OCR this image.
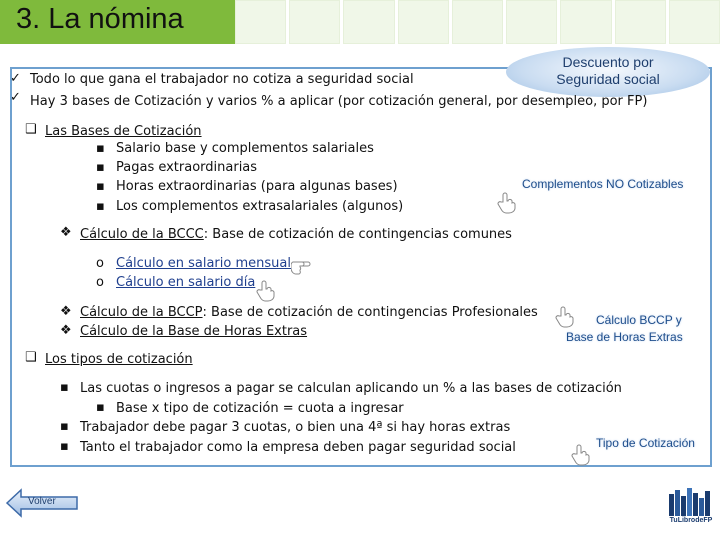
3. La nómina
Descuento por
Seguridad social
✓ Todo lo que gana el trabajador no cotiza a seguridad social
✓ Hay 3 bases de Cotización y varios % a aplicar (por cotización general, por desempleo, por FP)
❑ Las Bases de Cotización
▪ Salario base y complementos salariales
▪ Pagas extraordinarias
▪ Horas extraordinarias (para algunas bases)
▪ Los complementos extrasalariales (algunos)
Complementos NO Cotizables
❖ Cálculo de la BCCC: Base de cotización de contingencias comunes
o Cálculo en salario mensual
o Cálculo en salario día
❖ Cálculo de la BCCP: Base de cotización de contingencias Profesionales
❖ Cálculo de la Base de Horas Extras
Cálculo BCCP y
Base de Horas Extras
❑ Los tipos de cotización
▪ Las cuotas o ingresos a pagar se calculan aplicando un % a las bases de cotización
▪ Base x tipo de cotización = cuota a ingresar
▪ Trabajador debe pagar 3 cuotas, o bien una 4ª si hay horas extras
▪ Tanto el trabajador como la empresa deben pagar seguridad social	Tipo de Cotización
Volver
TuLibrodeFP
